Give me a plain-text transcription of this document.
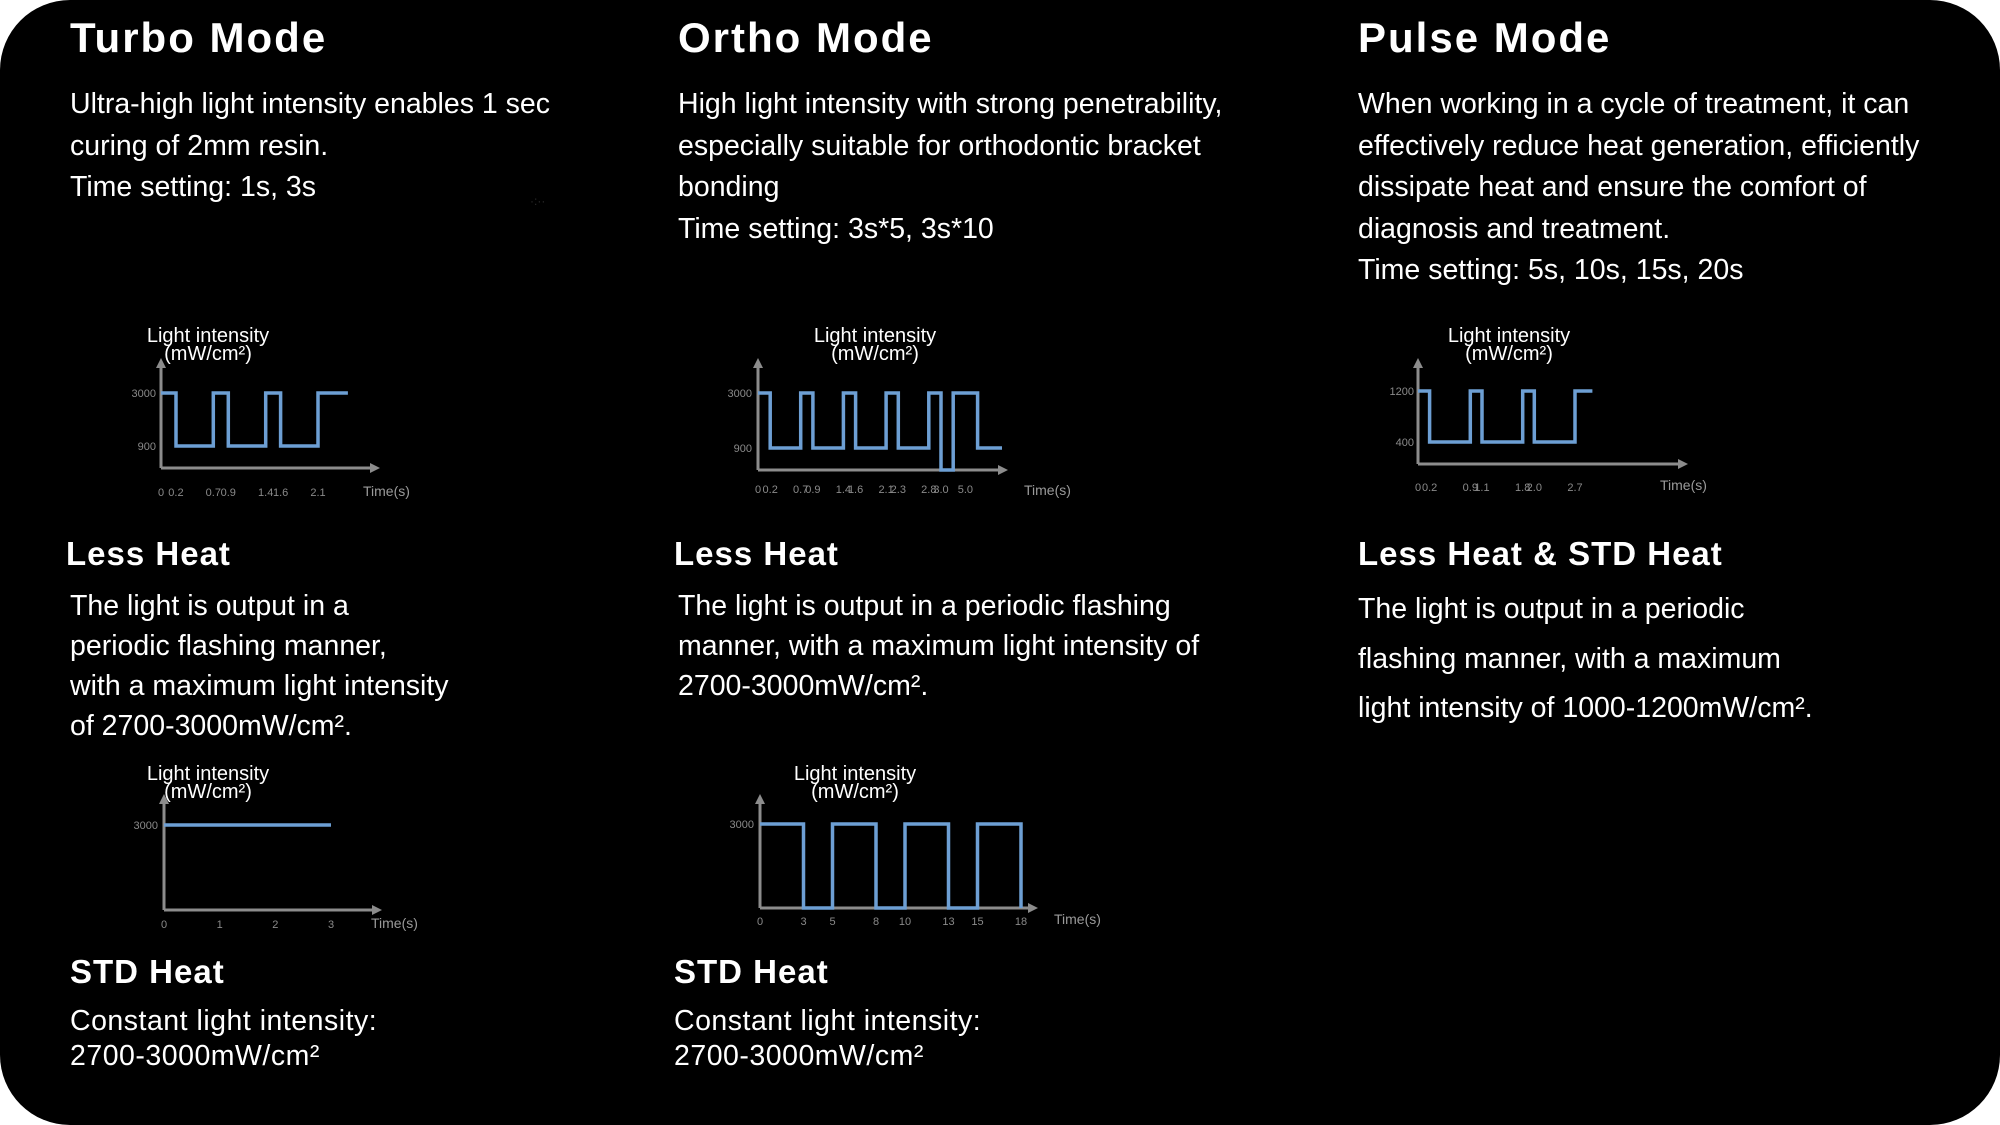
Turbo Mode

Ultra-high light intensity enables 1 sec

curing of 2mm resin.

Time setting: 1s, 3s	·:··
Light intensity
(mW/cm²)
Time(s)
3000
900
0 0.2 0.7 0.9 1.4 1.6 2.1
Less Heat

The light is output in a

periodic flashing manner,

with a maximum light intensity

of 2700-3000mW/cm².

Light intensity
(mW/cm²)
Time(s)
3000
0	1	2	3
STD Heat

Constant light intensity:

2700-3000mW/cm²

Ortho Mode

High light intensity with strong penetrability,

especially suitable for orthodontic bracket

bonding

Time setting: 3s*5, 3s*10

Light intensity
(mW/cm²)
Time(s)
3000
900
0 0.2 0.7
0.9 1.4
1.6 2.1
2.3 2.8
3.0 5.0
Less Heat

The light is output in a periodic flashing

manner, with a maximum light intensity of

2700-3000mW/cm².

Light intensity
(mW/cm²)
Time(s)
3000
0	3 5	8 10	13 15	18
STD Heat

Constant light intensity:

2700-3000mW/cm²

Pulse Mode

When working in a cycle of treatment, it can

effectively reduce heat generation, efficiently

dissipate heat and ensure the comfort of

diagnosis and treatment.

Time setting: 5s, 10s, 15s, 20s

Light intensity
(mW/cm²)
Time(s)
1200
400
0 0.2 0.9
1.1 1.8
2.0 2.7
Less Heat & STD Heat

The light is output in a periodic

flashing manner, with a maximum

light intensity of 1000-1200mW/cm².
